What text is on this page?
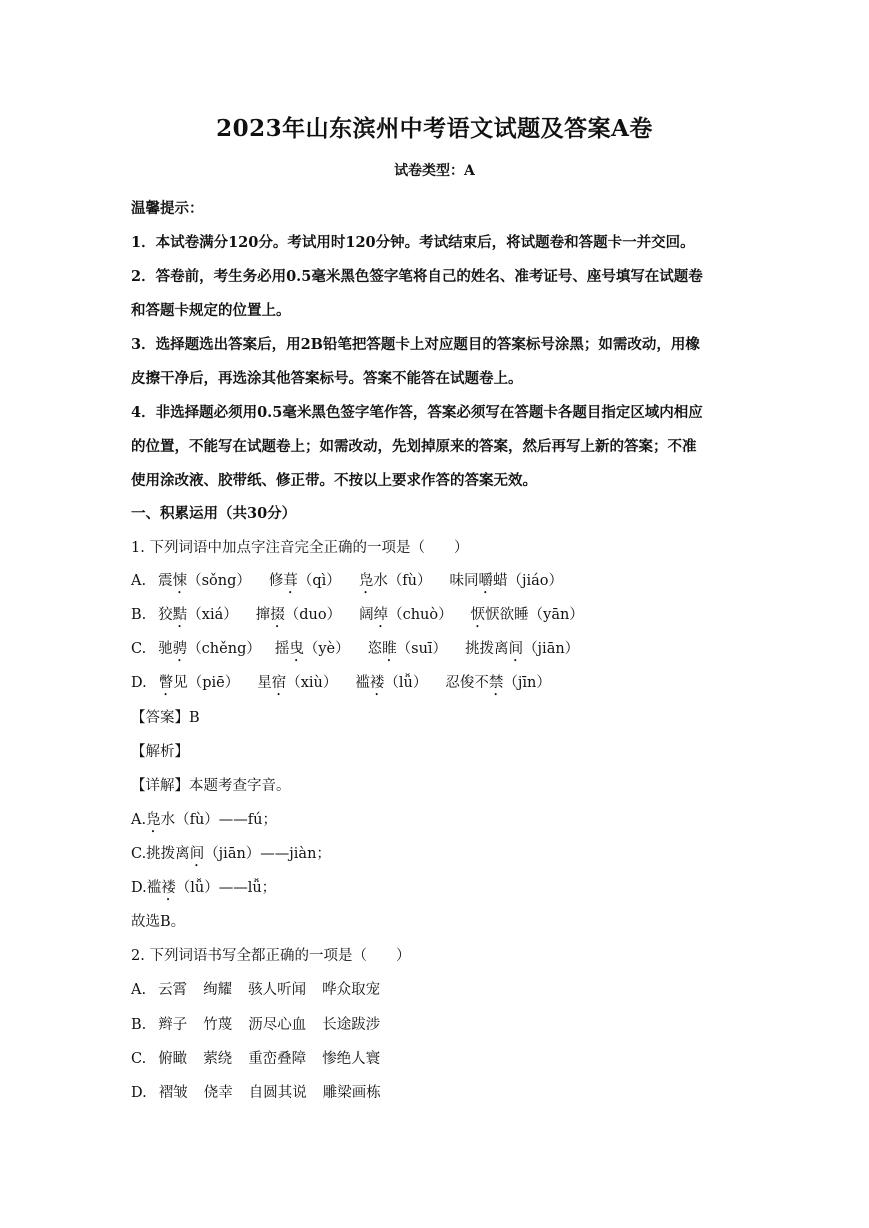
2023年山东滨州中考语文试题及答案A卷
试卷类型：A
温馨提示：
1．本试卷满分120分。考试用时120分钟。考试结束后，将试题卷和答题卡一并交回。
2．答卷前，考生务必用0.5毫米黑色签字笔将自己的姓名、准考证号、座号填写在试题卷
和答题卡规定的位置上。
3．选择题选出答案后，用2B铅笔把答题卡上对应题目的答案标号涂黑；如需改动，用橡
皮擦干净后，再选涂其他答案标号。答案不能答在试题卷上。
4．非选择题必须用0.5毫米黑色签字笔作答，答案必须写在答题卡各题目指定区域内相应
的位置，不能写在试题卷上；如需改动，先划掉原来的答案，然后再写上新的答案；不准
使用涂改液、胶带纸、修正带。不按以上要求作答的答案无效。
一、积累运用（共30分）
1. 下列词语中加点字注音完全正确的一项是（　　）
A. 震悚（sǒng） 修葺（qì） 凫水（fù） 味同嚼蜡（jiáo）
B. 狡黠（xiá） 撺掇（duo） 阔绰（chuò） 恹恹欲睡（yān）
C. 驰骋（chěng） 摇曳（yè） 恣睢（suī） 挑拨离间（jiān）
D. 瞥见（piē） 星宿（xiù） 褴褛（lǚ） 忍俊不禁（jīn）
【答案】B
【解析】
【详解】本题考查字音。
A.凫水（fù）——fú；
C.挑拨离间（jiān）——jiàn；
D.褴褛（lǚ）——lǚ；
故选B。
2. 下列词语书写全都正确的一项是（　　）
A. 云霄 绚耀 骇人听闻 哗众取宠
B. 辫子 竹蔑 沥尽心血 长途跋涉
C. 俯瞰 萦绕 重峦叠障 惨绝人寰
D. 褶皱 侥幸 自圆其说 雕梁画栋
